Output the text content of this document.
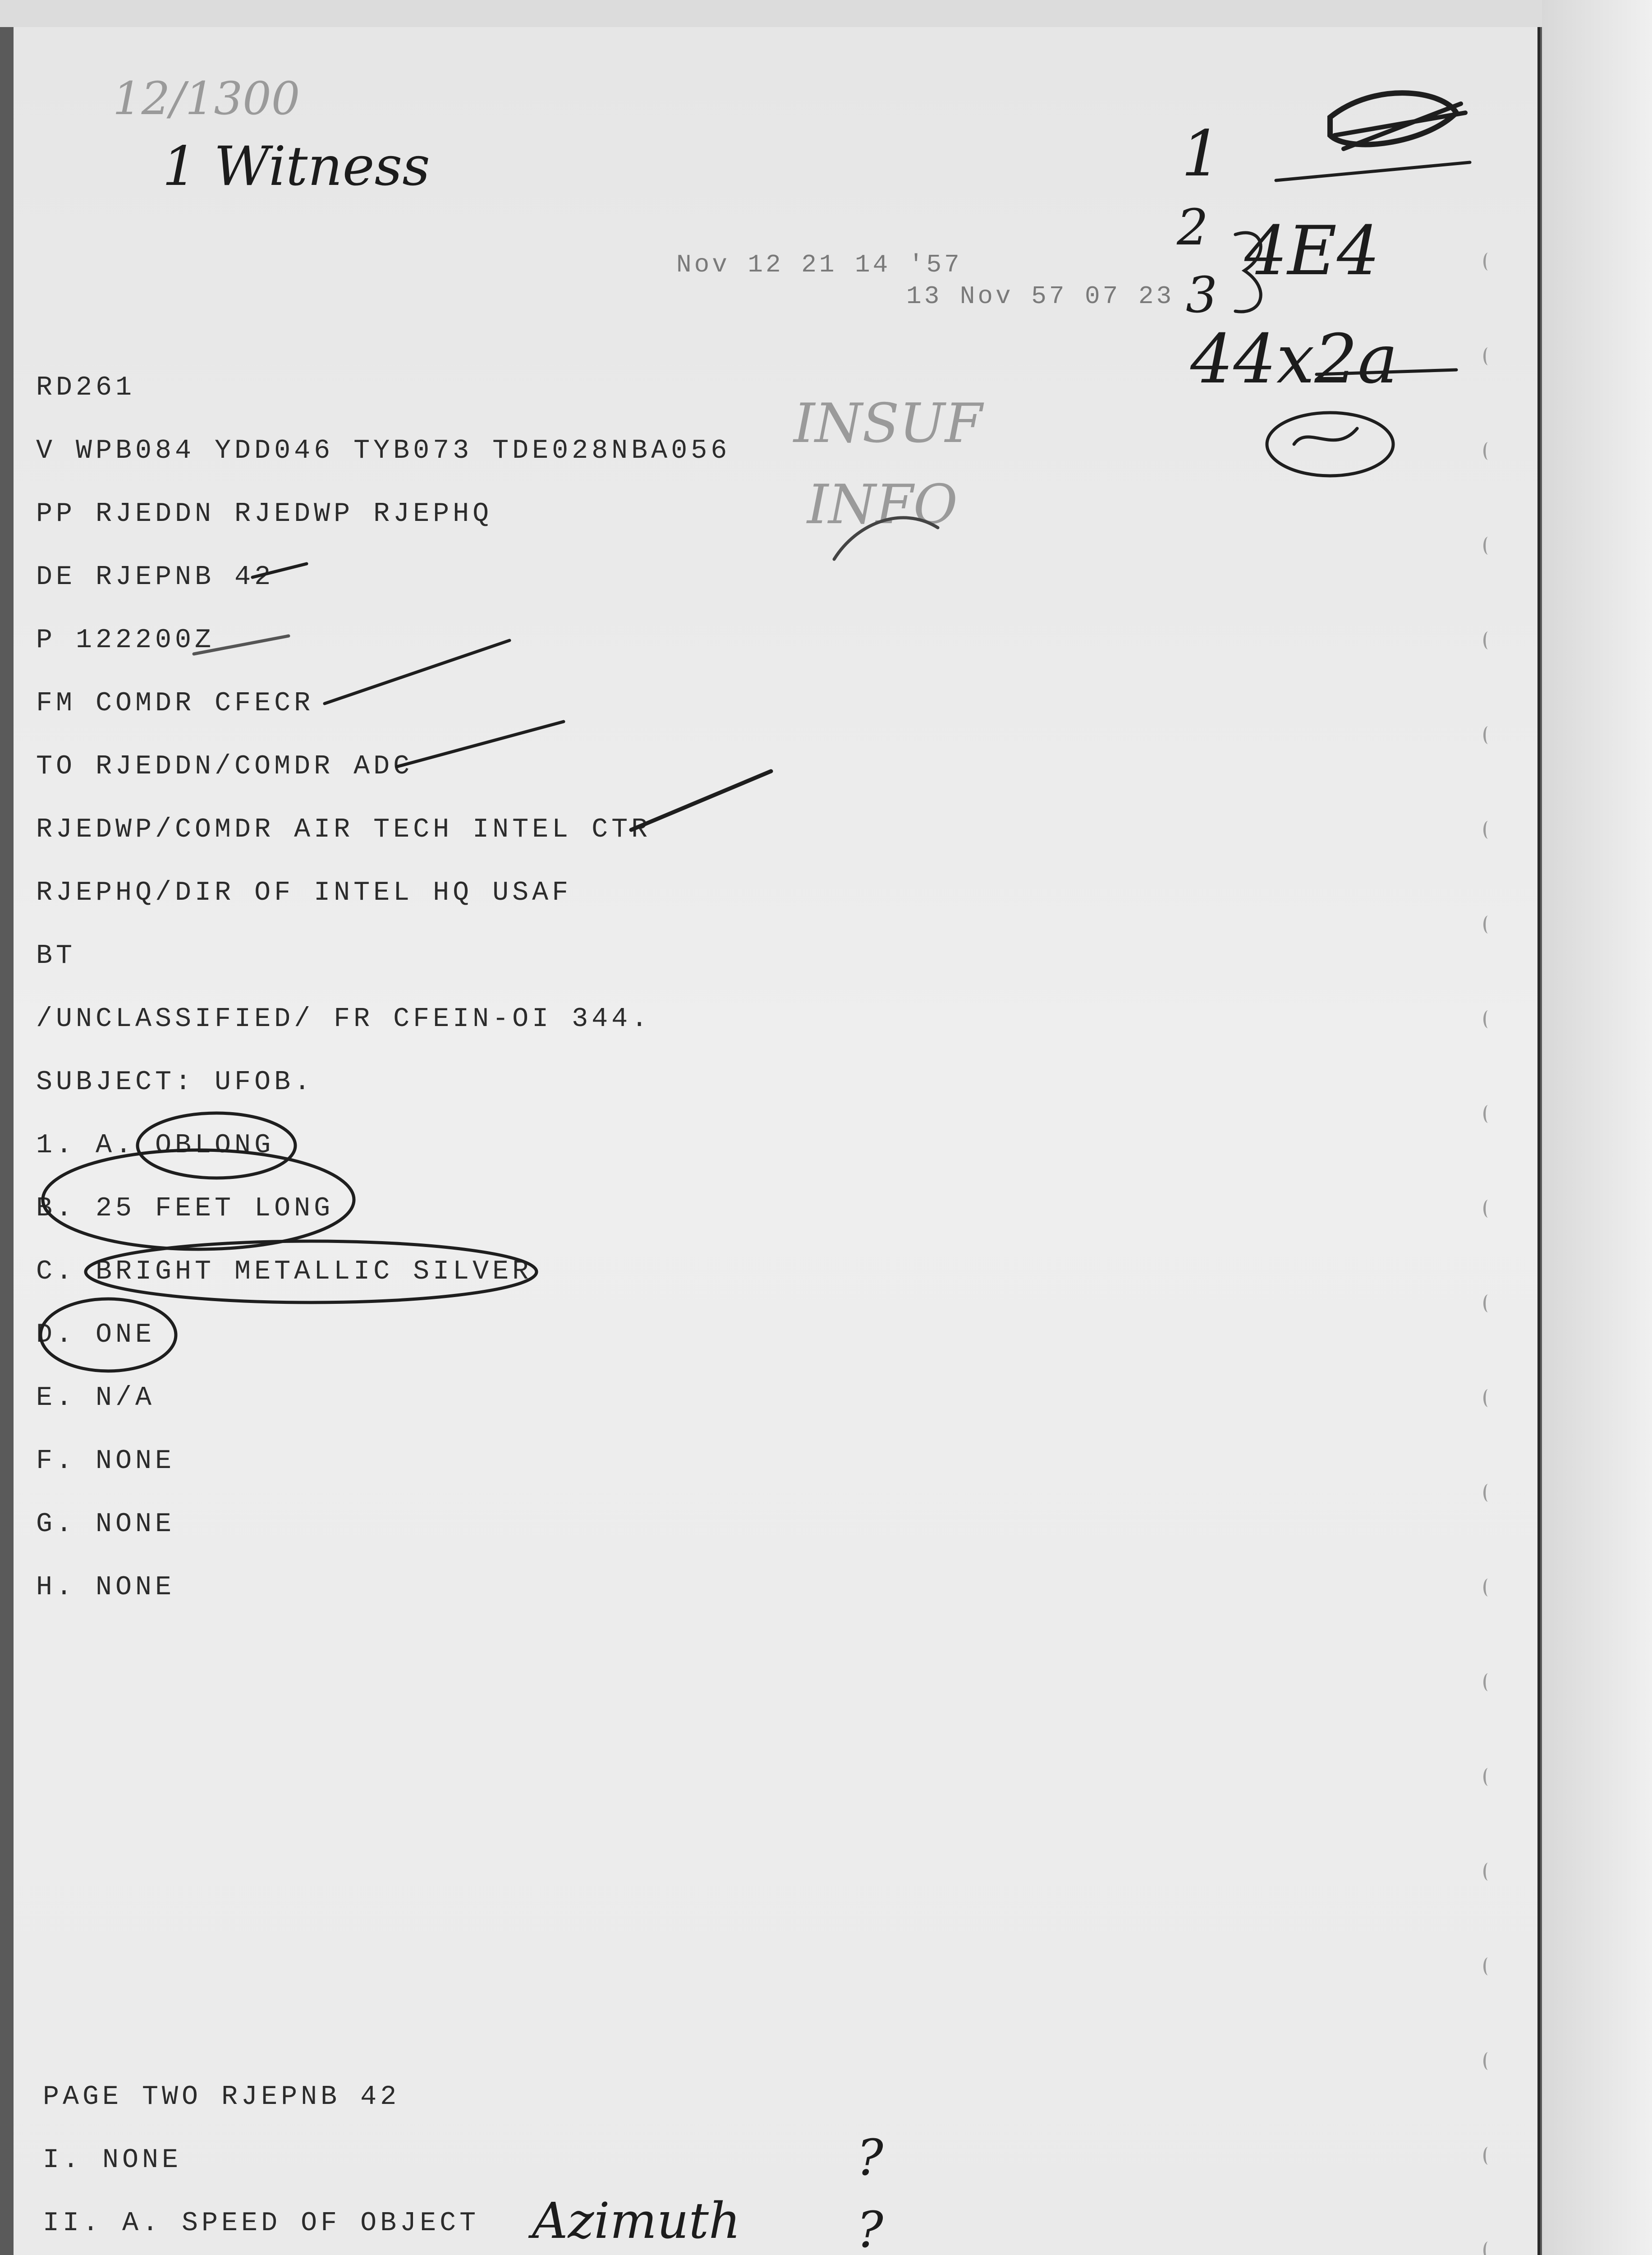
Nov 12 21 14 '57
13 Nov 57 07 23
RD261
V WPB084 YDD046 TYB073 TDE028NBA056
PP RJEDDN RJEDWP RJEPHQ
DE RJEPNB 42
P 122200Z
FM COMDR CFECR
TO RJEDDN/COMDR ADC
RJEDWP/COMDR AIR TECH INTEL CTR
RJEPHQ/DIR OF INTEL HQ USAF
BT
/UNCLASSIFIED/ FR CFEIN-OI 344.
SUBJECT: UFOB.
1. A. OBLONG
B. 25 FEET LONG
C. BRIGHT METALLIC SILVER
D. ONE
E. N/A
F. NONE
G. NONE
H. NONE
PAGE TWO RJEPNB 42
I. NONE
II. A. SPEED OF OBJECT
12/1300
1 Witness	1
2
3
4E4
44x2a
INSUF
INFO
Azimuth
?
?
